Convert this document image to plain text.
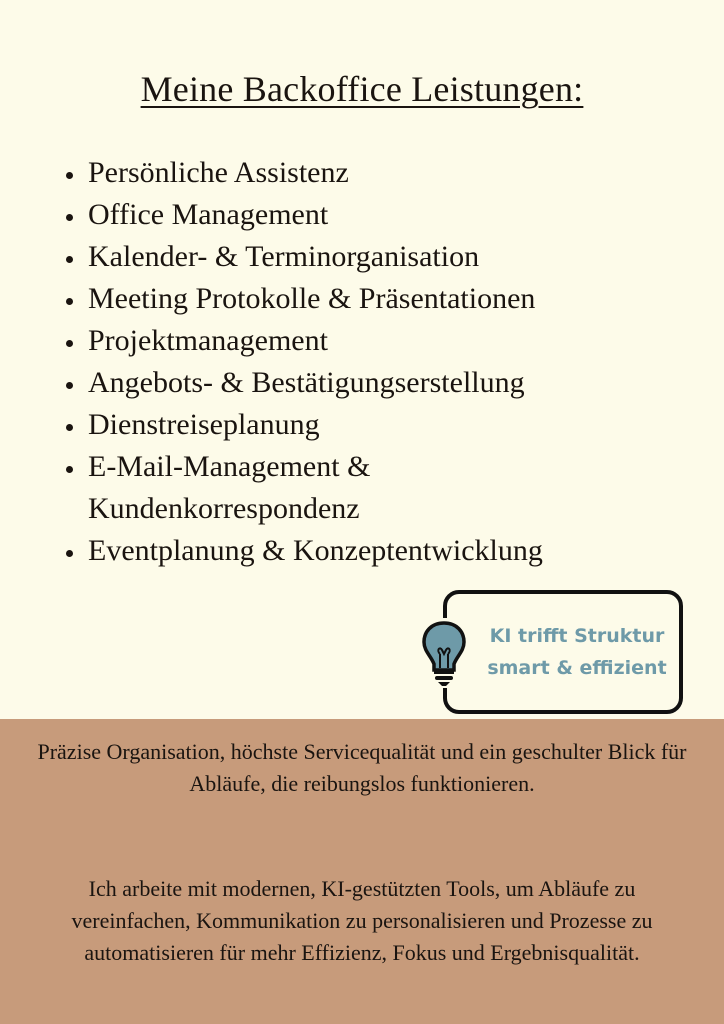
Meine Backoffice Leistungen:
Persönliche Assistenz
Office Management
Kalender- & Terminorganisation
Meeting Protokolle & Präsentationen
Projektmanagement
Angebots- & Bestätigungserstellung
Dienstreiseplanung
E-Mail-Management & Kundenkorrespondenz
Eventplanung & Konzeptentwicklung
KI trifft Struktur
smart & effizient

Präzise Organisation, höchste Servicequalität und ein geschulter Blick für Abläufe, die reibungslos funktionieren.

Ich arbeite mit modernen, KI-gestützten Tools, um Abläufe zu vereinfachen, Kommunikation zu personalisieren und Prozesse zu automatisieren für mehr Effizienz, Fokus und Ergebnisqualität.
